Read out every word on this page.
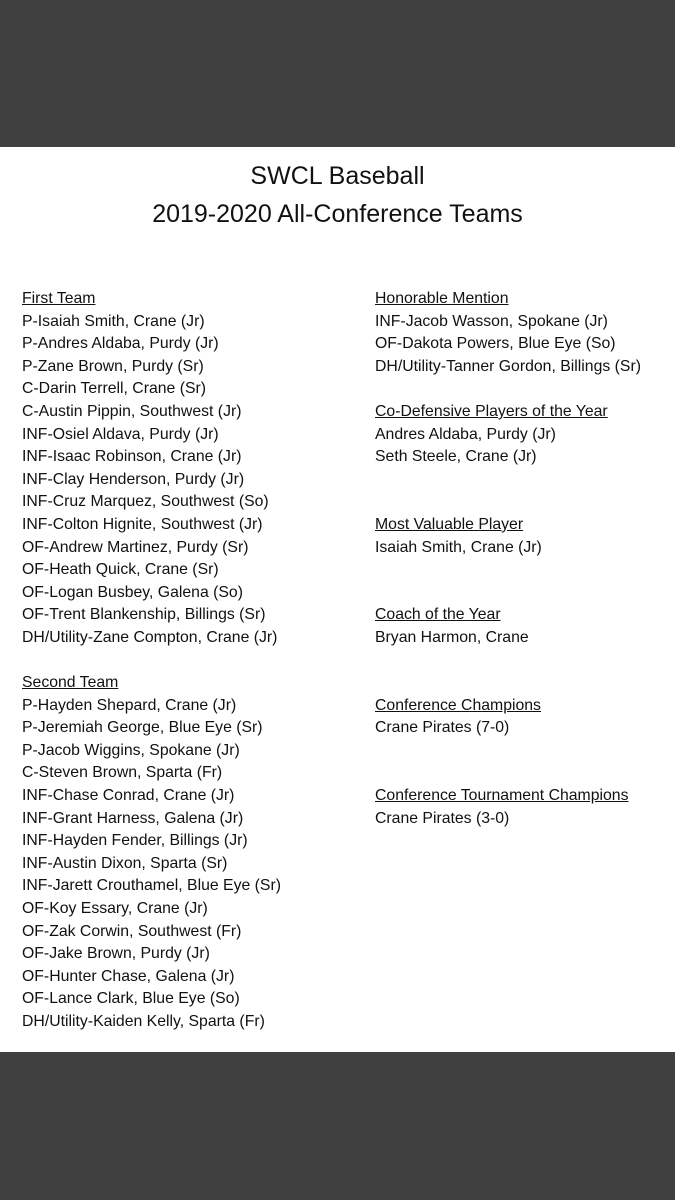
SWCL Baseball
2019-2020 All-Conference Teams
First Team
P-Isaiah Smith, Crane (Jr)
P-Andres Aldaba, Purdy (Jr)
P-Zane Brown, Purdy (Sr)
C-Darin Terrell, Crane (Sr)
C-Austin Pippin, Southwest (Jr)
INF-Osiel Aldava, Purdy (Jr)
INF-Isaac Robinson, Crane (Jr)
INF-Clay Henderson, Purdy (Jr)
INF-Cruz Marquez, Southwest (So)
INF-Colton Hignite, Southwest (Jr)
OF-Andrew Martinez, Purdy (Sr)
OF-Heath Quick, Crane (Sr)
OF-Logan Busbey, Galena (So)
OF-Trent Blankenship, Billings (Sr)
DH/Utility-Zane Compton, Crane (Jr)
Second Team
P-Hayden Shepard, Crane (Jr)
P-Jeremiah George, Blue Eye (Sr)
P-Jacob Wiggins, Spokane (Jr)
C-Steven Brown, Sparta (Fr)
INF-Chase Conrad, Crane (Jr)
INF-Grant Harness, Galena (Jr)
INF-Hayden Fender, Billings (Jr)
INF-Austin Dixon, Sparta (Sr)
INF-Jarett Crouthamel, Blue Eye (Sr)
OF-Koy Essary, Crane (Jr)
OF-Zak Corwin, Southwest (Fr)
OF-Jake Brown, Purdy (Jr)
OF-Hunter Chase, Galena (Jr)
OF-Lance Clark, Blue Eye (So)
DH/Utility-Kaiden Kelly, Sparta (Fr)
Honorable Mention
INF-Jacob Wasson, Spokane (Jr)
OF-Dakota Powers, Blue Eye (So)
DH/Utility-Tanner Gordon, Billings (Sr)
Co-Defensive Players of the Year
Andres Aldaba, Purdy (Jr)
Seth Steele, Crane (Jr)
Most Valuable Player
Isaiah Smith, Crane (Jr)
Coach of the Year
Bryan Harmon, Crane
Conference Champions
Crane Pirates (7-0)
Conference Tournament Champions
Crane Pirates (3-0)
